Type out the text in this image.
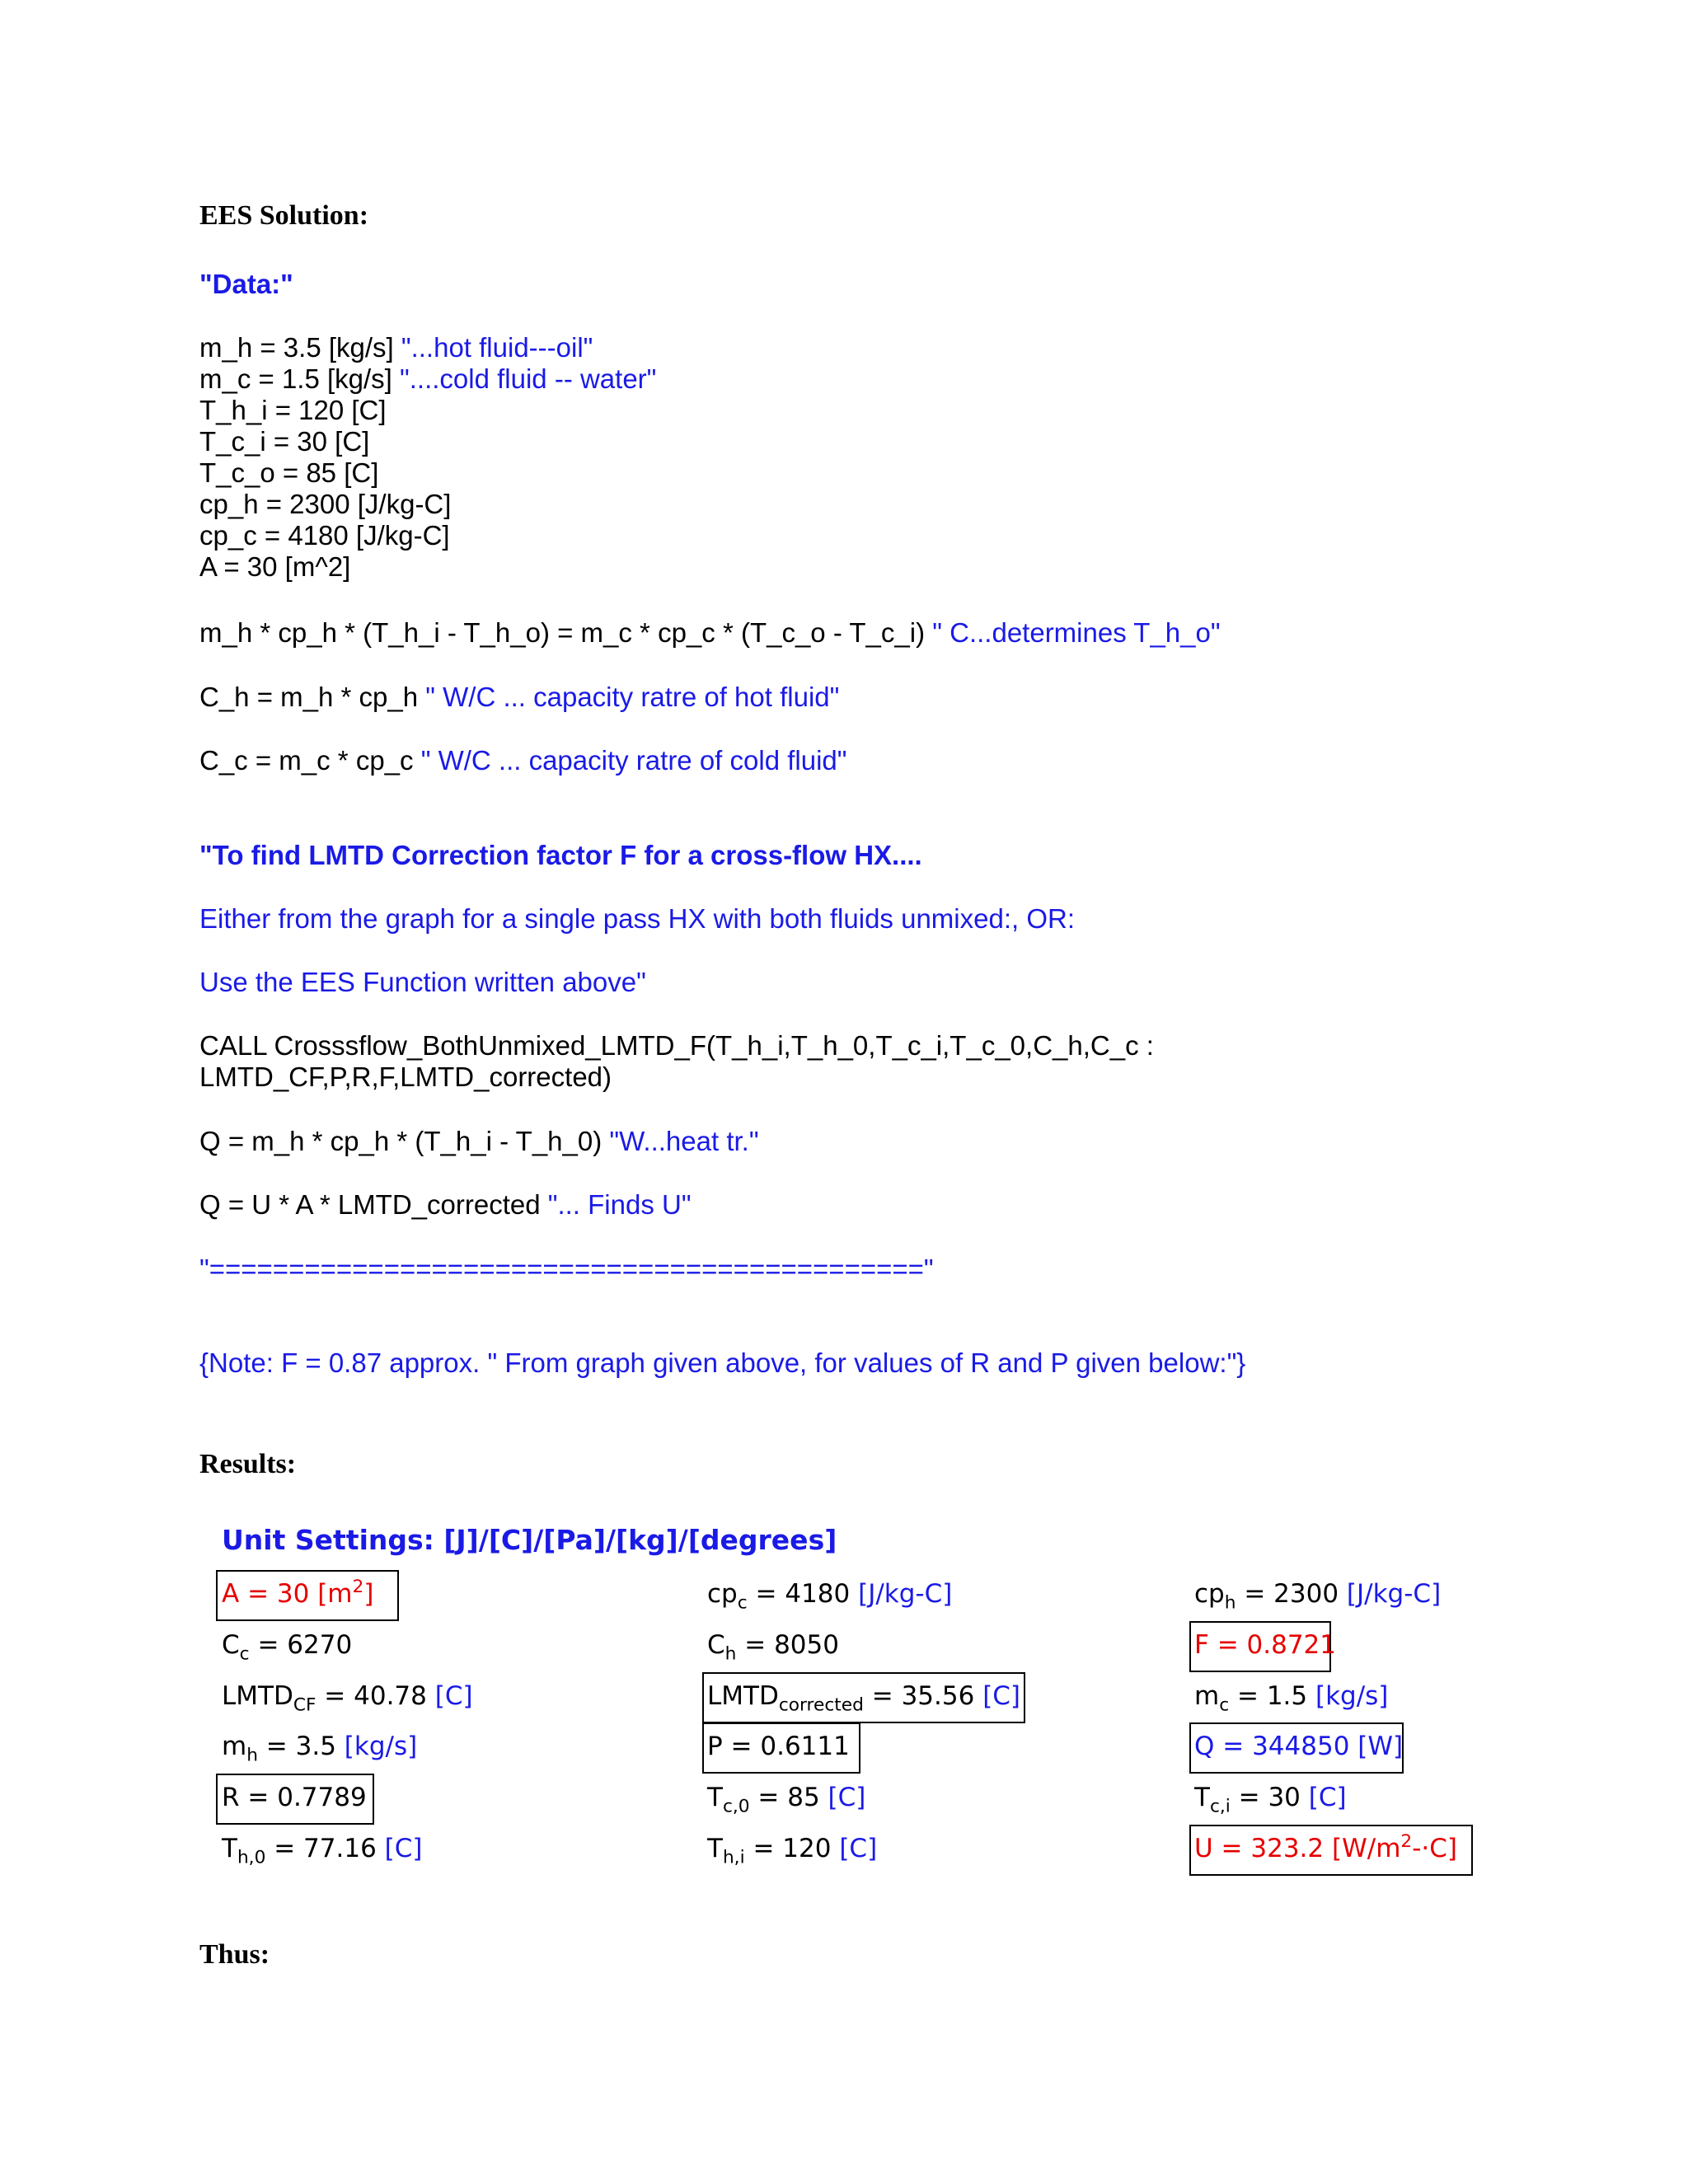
EES Solution:
"Data:"
m_h = 3.5 [kg/s] "...hot fluid---oil"
m_c = 1.5 [kg/s] "....cold fluid -- water"
T_h_i = 120 [C]
T_c_i = 30 [C]
T_c_o = 85 [C]
cp_h = 2300 [J/kg-C]
cp_c = 4180 [J/kg-C]
A = 30 [m^2]
m_h * cp_h * (T_h_i - T_h_o) = m_c * cp_c * (T_c_o - T_c_i) " C...determines T_h_o"
C_h = m_h * cp_h " W/C ... capacity ratre of hot fluid"
C_c = m_c * cp_c " W/C ... capacity ratre of cold fluid"
"To find LMTD Correction factor F for a cross-flow HX....
Either from the graph for a single pass HX with both fluids unmixed:, OR:
Use the EES Function written above"
CALL Crosssflow_BothUnmixed_LMTD_F(T_h_i,T_h_0,T_c_i,T_c_0,C_h,C_c :
LMTD_CF,P,R,F,LMTD_corrected)
Q = m_h * cp_h * (T_h_i - T_h_0) "W...heat tr."
Q = U * A * LMTD_corrected "... Finds U"
"============================================="
{Note: F = 0.87 approx. " From graph given above, for values of R and P given below:"}
Results:
Unit Settings: [J]/[C]/[Pa]/[kg]/[degrees]
A = 30 $[m^2]$
$C_c = 6270$
$LMTD_{CF} = 40.78$ [C]
$m_h = 3.5$ [kg/s]
R = 0.7789
$T_{h,0} = 77.16$ [C]
$cp_c = 4180$ [J/kg-C]
$C_h = 8050$
$LMTD_{corrected} = 35.56$ [C]
P = 0.6111
$T_{c,0} = 85$ [C]
$T_{h,i} = 120$ [C]
$cp_h = 2300$ [J/kg-C]
F = 0.8721
$m_c = 1.5$ [kg/s]
Q = 344850 [W]
$T_{c,i} = 30$ [C]
U = 323.2 $[W/m^2-\cdot C]$
Thus:
